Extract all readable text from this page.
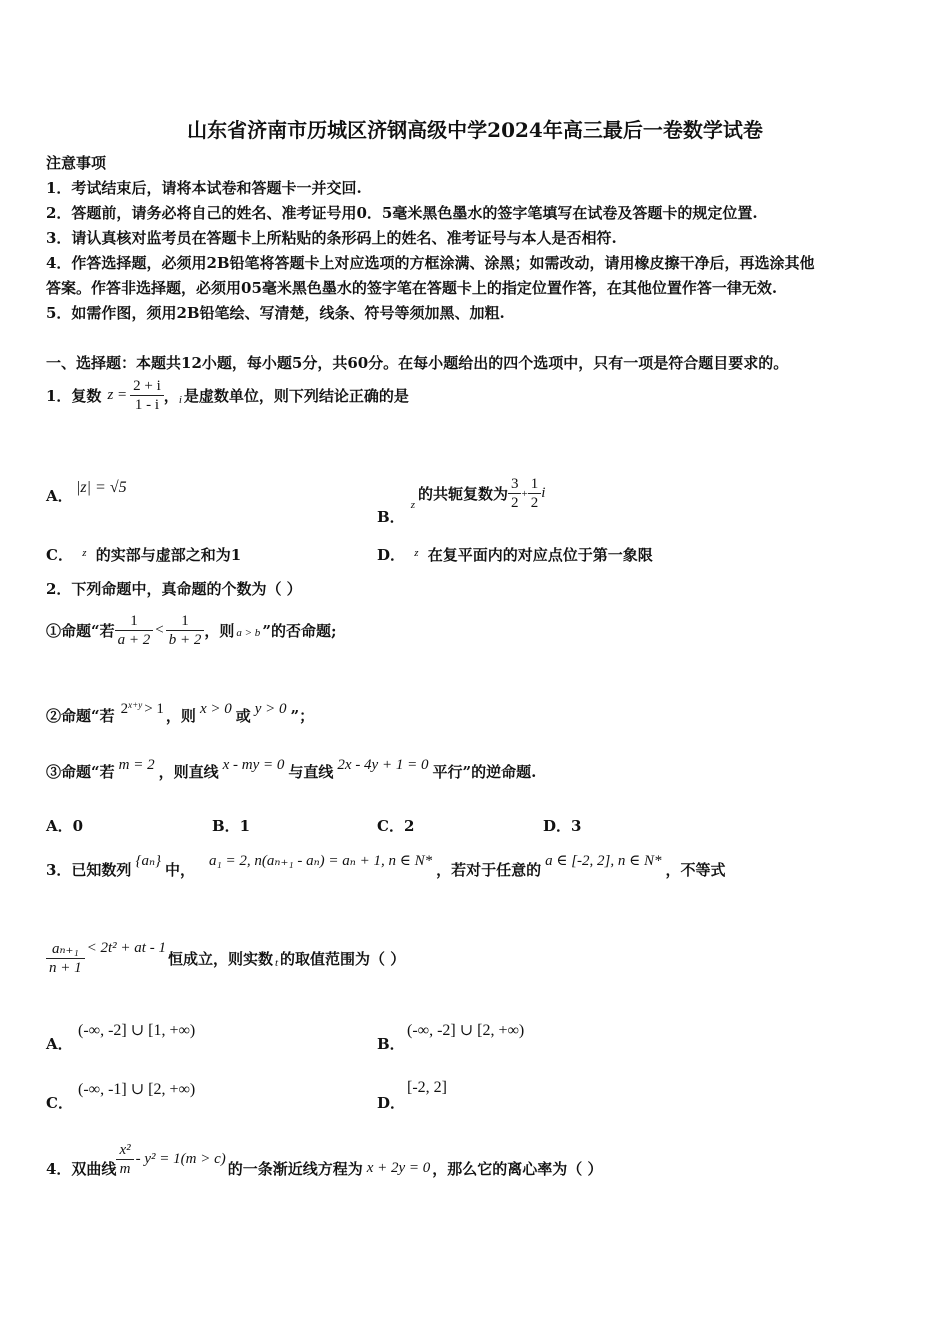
山东省济南市历城区济钢高级中学2024年高三最后一卷数学试卷
注意事项
1．考试结束后，请将本试卷和答题卡一并交回.
2．答题前，请务必将自己的姓名、准考证号用0．5毫米黑色墨水的签字笔填写在试卷及答题卡的规定位置.
3．请认真核对监考员在答题卡上所粘贴的条形码上的姓名、准考证号与本人是否相符.
4．作答选择题，必须用2B铅笔将答题卡上对应选项的方框涂满、涂黑；如需改动，请用橡皮擦干净后，再选涂其他
答案。作答非选择题，必须用05毫米黑色墨水的签字笔在答题卡上的指定位置作答，在其他位置作答一律无效.
5．如需作图，须用2B铅笔绘、写清楚，线条、符号等须加黑、加粗.
一、选择题：本题共12小题，每小题5分，共60分。在每小题给出的四个选项中，只有一项是符合题目要求的。
1．复数 $z = \frac{2 + i}{1 - i}$ ， i 是虚数单位，则下列结论正确的是
A． |z| = √5
B．
z
的共轭复数为 $\frac{3}{2} + \frac{1}{2}$ i
C． $^z$ 的实部与虚部之和为1	D． $^z$ 在复平面内的对应点位于第一象限
2．下列命题中，真命题的个数为（ ）
①命题“若 $\frac{1}{a + 2} < \frac{1}{b + 2}$ ，则 a > b ”的否命题;
②命题“若 2 x+y > 1 ，则 x > 0 或 y > 0 ”；
③命题“若 m = 2 ，则直线 x - my = 0 与直线 2x - 4y + 1 = 0 平行”的逆命题.
A．0	B．1	C．2	D．3
3．已知数列 {aₙ} 中， a₁ = 2, n(aₙ₊₁ - aₙ) = aₙ + 1, n ∈ N* ，若对于任意的 a ∈ [-2, 2], n ∈ N* ，不等式
$\frac{\text{aₙ₊₁}}{n + 1} < 2t^2$ + at - 1
恒成立，则实数 t 的取值范围为（ ）
A．
(-∞, -2] ∪ [1, +∞)
B．
(-∞, -2] ∪ [2, +∞)
C．
(-∞, -1] ∪ [2, +∞)
D．
[-2, 2]
4．双曲线 $\frac{\text{x²}}{m} - y^2 = 1(m > c)$
的一条渐近线方程为 x + 2y = 0 ，那么它的离心率为（ ）
